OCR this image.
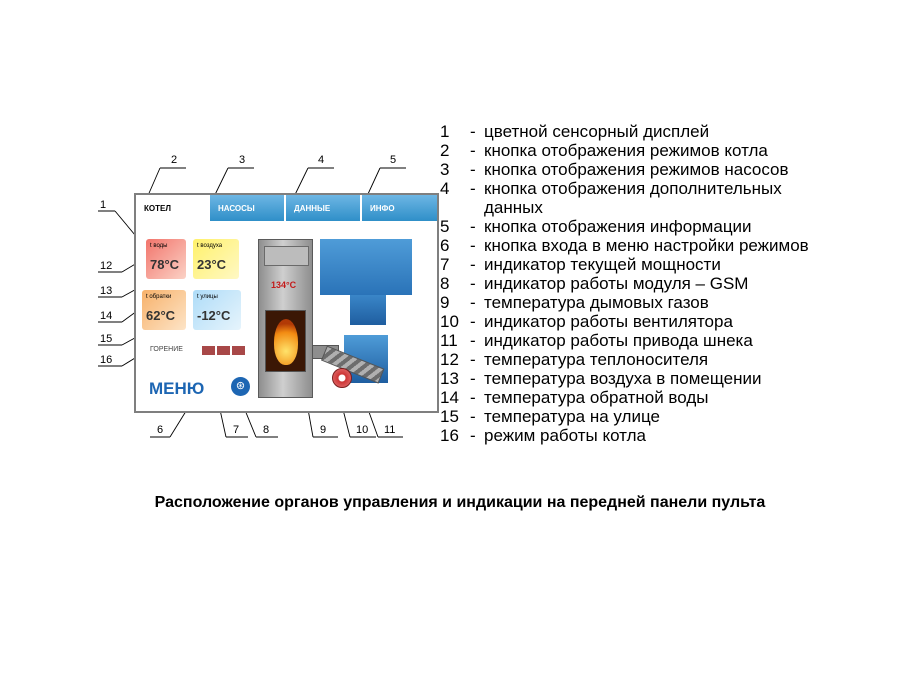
1
2	3	4	5
6	7 8	9	10 11
12
13
14
15
16
КОТЕЛ	НАСОСЫ	ДАННЫЕ	ИНФО
t воды
78°C
t воздуха
23°C
t обратки
62°C
t улицы
-12°C
ГОРЕНИЕ
МЕНЮ	⊛
134°C
1	- цветной сенсорный дисплей
2	- кнопка отображения режимов котла
3	- кнопка отображения режимов насосов
4	- кнопка отображения дополнительных данных
5	- кнопка отображения информации
6	- кнопка входа в меню настройки режимов
7	- индикатор текущей мощности
8	- индикатор работы модуля – GSM
9	- температура дымовых газов
10 - индикатор работы вентилятора
11 - индикатор работы привода шнека
12 - температура теплоносителя
13 - температура воздуха в помещении
14 - температура обратной воды
15 - температура на улице
16 - режим работы котла
Расположение органов управления и индикации на передней панели пульта
